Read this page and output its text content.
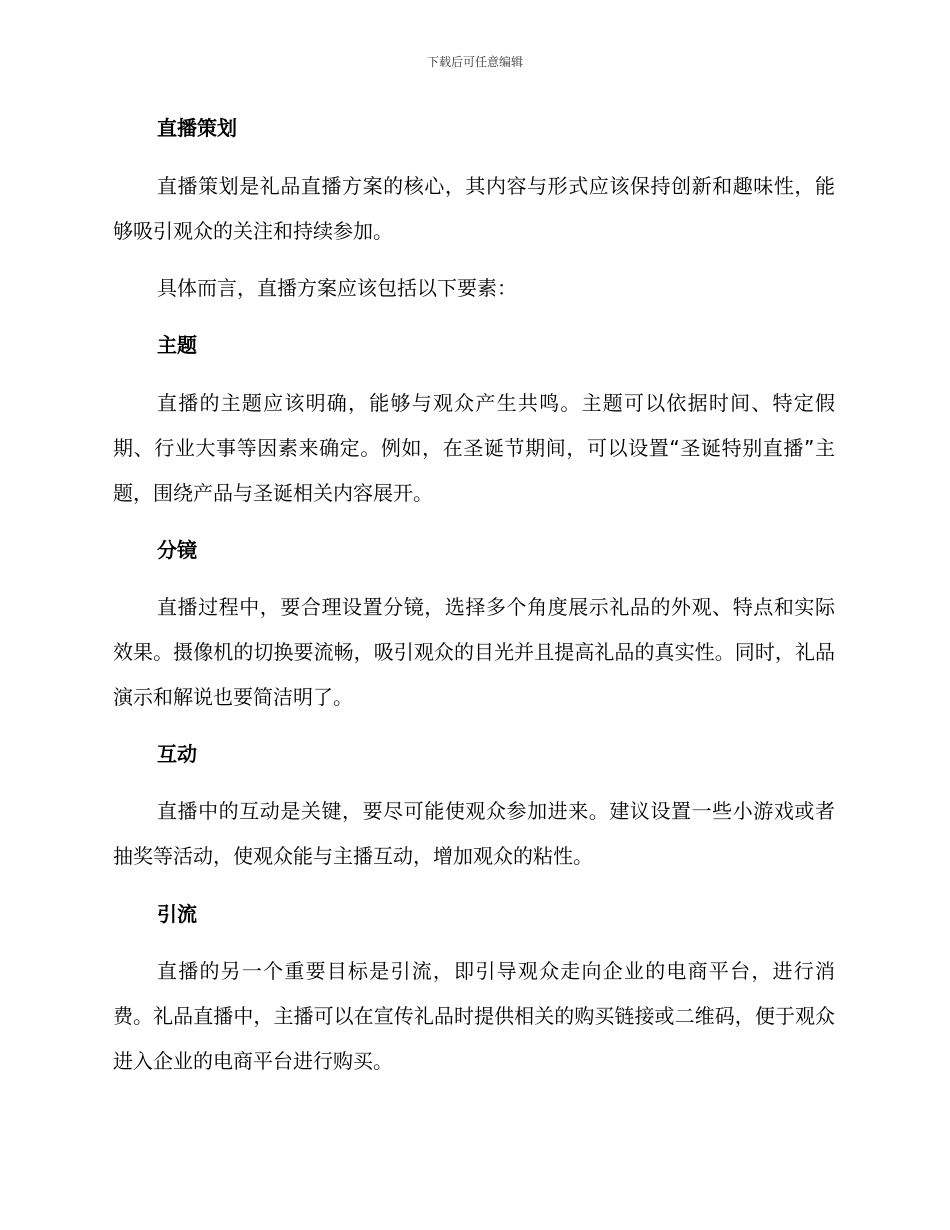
下载后可任意编辑
直播策划

直播策划是礼品直播方案的核心，其内容与形式应该保持创新和趣味性，能够吸引观众的关注和持续参加。

具体而言，直播方案应该包括以下要素：

主题

直播的主题应该明确，能够与观众产生共鸣。主题可以依据时间、特定假期、行业大事等因素来确定。例如，在圣诞节期间，可以设置“圣诞特别直播”主题，围绕产品与圣诞相关内容展开。

分镜

直播过程中，要合理设置分镜，选择多个角度展示礼品的外观、特点和实际效果。摄像机的切换要流畅，吸引观众的目光并且提高礼品的真实性。同时，礼品演示和解说也要简洁明了。

互动

直播中的互动是关键，要尽可能使观众参加进来。建议设置一些小游戏或者抽奖等活动，使观众能与主播互动，增加观众的粘性。

引流

直播的另一个重要目标是引流，即引导观众走向企业的电商平台，进行消费。礼品直播中，主播可以在宣传礼品时提供相关的购买链接或二维码，便于观众进入企业的电商平台进行购买。
